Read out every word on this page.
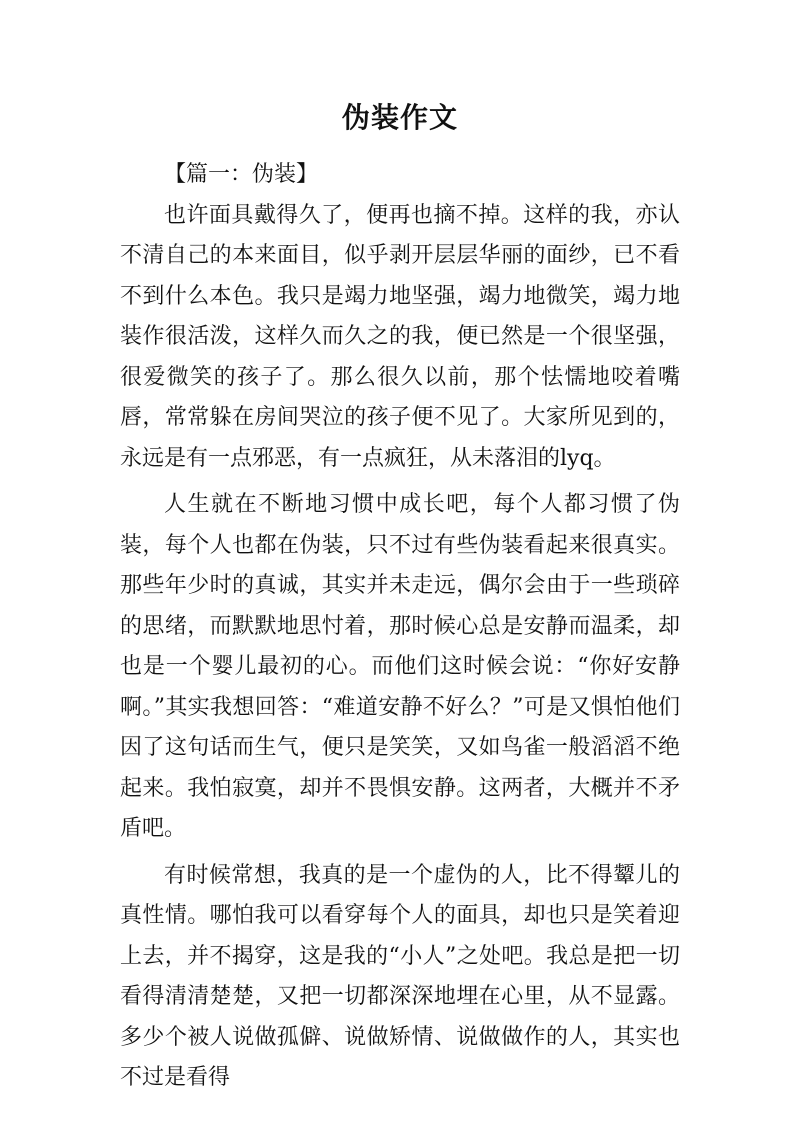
伪装作文

【篇一：伪装】

也许面具戴得久了，便再也摘不掉。这样的我，亦认不清自己的本来面目，似乎剥开层层华丽的面纱，已不看不到什么本色。我只是竭力地坚强，竭力地微笑，竭力地装作很活泼，这样久而久之的我，便已然是一个很坚强，很爱微笑的孩子了。那么很久以前，那个怯懦地咬着嘴唇，常常躲在房间哭泣的孩子便不见了。大家所见到的，永远是有一点邪恶，有一点疯狂，从未落泪的lyq。

人生就在不断地习惯中成长吧，每个人都习惯了伪装，每个人也都在伪装，只不过有些伪装看起来很真实。那些年少时的真诚，其实并未走远，偶尔会由于一些琐碎的思绪，而默默地思忖着，那时候心总是安静而温柔，却也是一个婴儿最初的心。而他们这时候会说：“你好安静啊。”其实我想回答：“难道安静不好么？”可是又惧怕他们因了这句话而生气，便只是笑笑，又如鸟雀一般滔滔不绝起来。我怕寂寞，却并不畏惧安静。这两者，大概并不矛盾吧。

有时候常想，我真的是一个虚伪的人，比不得颦儿的真性情。哪怕我可以看穿每个人的面具，却也只是笑着迎上去，并不揭穿，这是我的“小人”之处吧。我总是把一切看得清清楚楚，又把一切都深深地埋在心里，从不显露。多少个被人说做孤僻、说做矫情、说做做作的人，其实也不过是看得
